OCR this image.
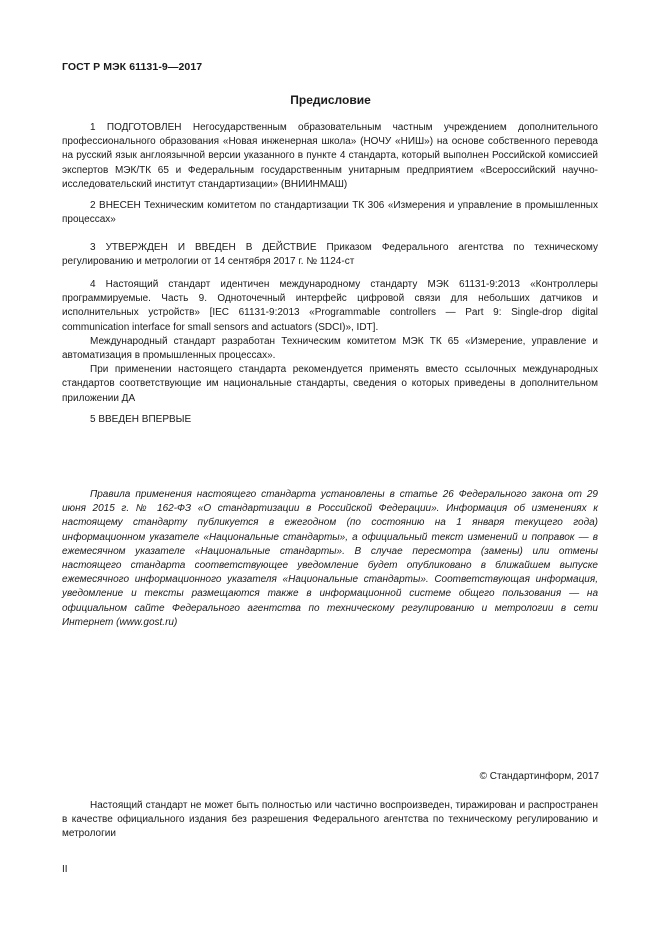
ГОСТ Р МЭК 61131-9—2017
Предисловие

1 ПОДГОТОВЛЕН Негосударственным образовательным частным учреждением дополнительного профессионального образования «Новая инженерная школа» (НОЧУ «НИШ») на основе собственного перевода на русский язык англоязычной версии указанного в пункте 4 стандарта, который выполнен Российской комиссией экспертов МЭК/ТК 65 и Федеральным государственным унитарным предприятием «Всероссийский научно-исследовательский институт стандартизации» (ВНИИНМАШ)

2 ВНЕСЕН Техническим комитетом по стандартизации ТК 306 «Измерения и управление в промышленных процессах»

3 УТВЕРЖДЕН И ВВЕДЕН В ДЕЙСТВИЕ Приказом Федерального агентства по техническому регулированию и метрологии от 14 сентября 2017 г. № 1124-ст

4 Настоящий стандарт идентичен международному стандарту МЭК 61131-9:2013 «Контроллеры программируемые. Часть 9. Одноточечный интерфейс цифровой связи для небольших датчиков и исполнительных устройств» [IEC 61131-9:2013 «Programmable controllers — Part 9: Single-drop digital communication interface for small sensors and actuators (SDCI)», IDT].

Международный стандарт разработан Техническим комитетом МЭК ТК 65 «Измерение, управление и автоматизация в промышленных процессах».

При применении настоящего стандарта рекомендуется применять вместо ссылочных международных стандартов соответствующие им национальные стандарты, сведения о которых приведены в дополнительном приложении ДА

5 ВВЕДЕН ВПЕРВЫЕ

Правила применения настоящего стандарта установлены в статье 26 Федерального закона от 29 июня 2015 г. № 162-ФЗ «О стандартизации в Российской Федерации». Информация об изменениях к настоящему стандарту публикуется в ежегодном (по состоянию на 1 января текущего года) информационном указателе «Национальные стандарты», а официальный текст изменений и поправок — в ежемесячном указателе «Национальные стандарты». В случае пересмотра (замены) или отмены настоящего стандарта соответствующее уведомление будет опубликовано в ближайшем выпуске ежемесячного информационного указателя «Национальные стандарты». Соответствующая информация, уведомление и тексты размещаются также в информационной системе общего пользования — на официальном сайте Федерального агентства по техническому регулированию и метрологии в сети Интернет (www.gost.ru)

© Стандартинформ, 2017

Настоящий стандарт не может быть полностью или частично воспроизведен, тиражирован и распространен в качестве официального издания без разрешения Федерального агентства по техническому регулированию и метрологии

II
